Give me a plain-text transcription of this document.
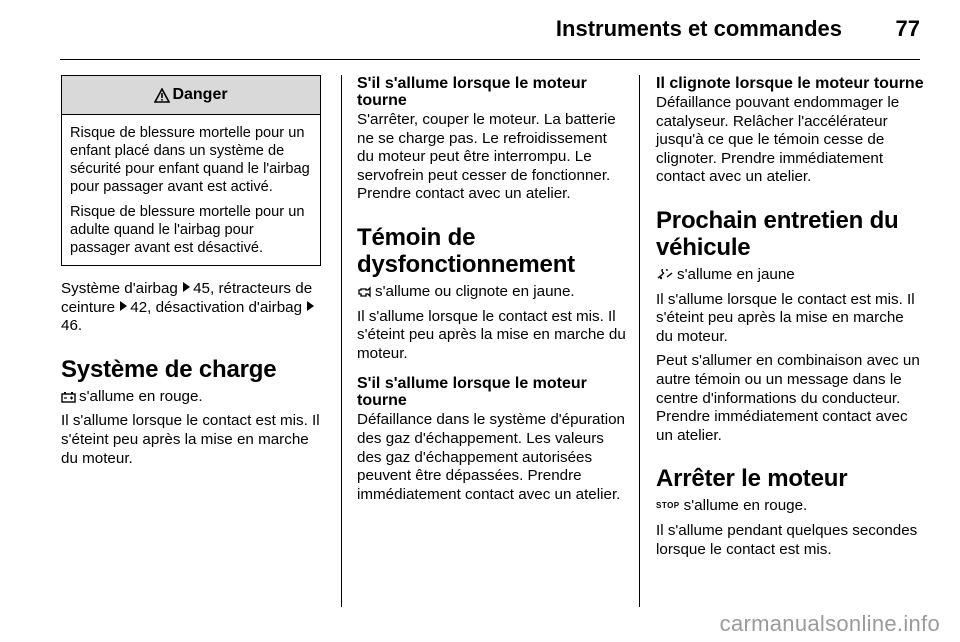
Instruments et commandes 77
Danger

Risque de blessure mortelle pour un enfant placé dans un système de sécurité pour enfant quand le l'airbag pour passager avant est activé.

Risque de blessure mortelle pour un adulte quand le l'airbag pour passager avant est désactivé.

Système d'airbag 45, rétracteurs de ceinture 42, désactivation d'airbag 46.

Système de charge

s'allume en rouge.

Il s'allume lorsque le contact est mis. Il s'éteint peu après la mise en marche du moteur.

S'il s'allume lorsque le moteur tourne

S'arrêter, couper le moteur. La batterie ne se charge pas. Le refroidissement du moteur peut être interrompu. Le servofrein peut cesser de fonctionner. Prendre contact avec un atelier.

Témoin de dysfonctionnement

s'allume ou clignote en jaune.

Il s'allume lorsque le contact est mis. Il s'éteint peu après la mise en marche du moteur.

S'il s'allume lorsque le moteur tourne

Défaillance dans le système d'épuration des gaz d'échappement. Les valeurs des gaz d'échappement autorisées peuvent être dépassées. Prendre immédiatement contact avec un atelier.

Il clignote lorsque le moteur tourne

Défaillance pouvant endommager le catalyseur. Relâcher l'accélérateur jusqu'à ce que le témoin cesse de clignoter. Prendre immédiatement contact avec un atelier.

Prochain entretien du véhicule

s'allume en jaune

Il s'allume lorsque le contact est mis. Il s'éteint peu après la mise en marche du moteur.

Peut s'allumer en combinaison avec un autre témoin ou un message dans le centre d'informations du conducteur. Prendre immédiatement contact avec un atelier.

Arrêter le moteur

STOP s'allume en rouge.

Il s'allume pendant quelques secondes lorsque le contact est mis.

carmanualsonline.info
